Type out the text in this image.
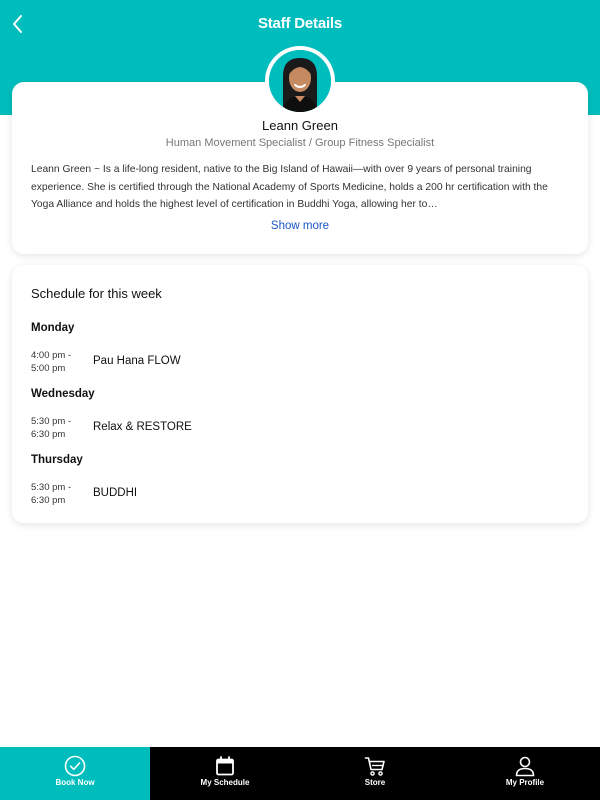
Staff Details
Leann Green
Human Movement Specialist / Group Fitness Specialist
Leann Green ~ Is a life-long resident, native to the Big Island of Hawaii—with over 9 years of personal training experience. She is certified through the National Academy of Sports Medicine, holds a 200 hr certification with the Yoga Alliance and holds the highest level of certification in Buddhi Yoga, allowing her to…
Show more
Schedule for this week
Monday
4:00 pm -
5:00 pm
Pau Hana FLOW
Wednesday
5:30 pm -
6:30 pm
Relax & RESTORE
Thursday
5:30 pm -
6:30 pm
BUDDHI
Book Now	My Schedule	Store	My Profile
